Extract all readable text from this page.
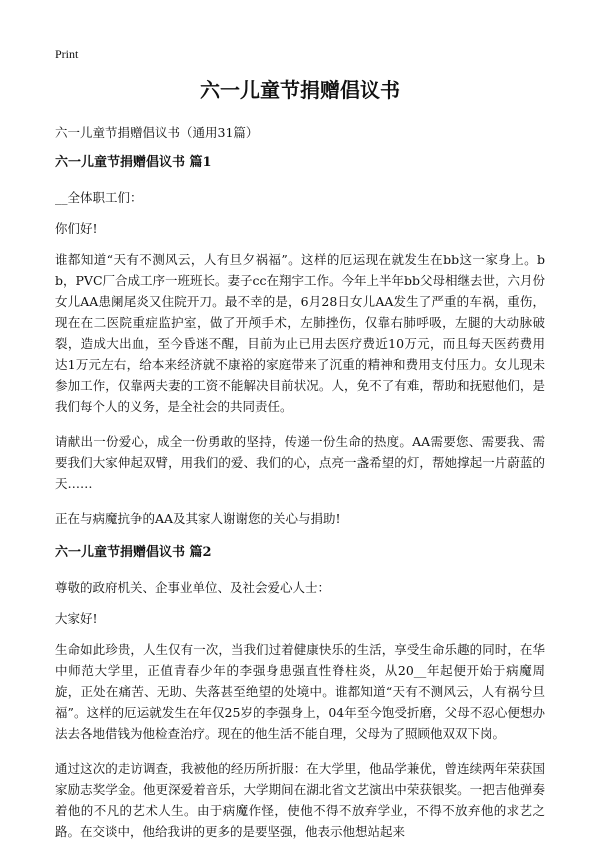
Print
六一儿童节捐赠倡议书

六一儿童节捐赠倡议书（通用31篇）

六一儿童节捐赠倡议书 篇1

__全体职工们：

你们好!

谁都知道“天有不测风云，人有旦夕祸福”。这样的厄运现在就发生在bb这一家身上。bb，PVC厂合成工序一班班长。妻子cc在翔宇工作。今年上半年bb父母相继去世，六月份女儿AA患阑尾炎又住院开刀。最不幸的是，6月28日女儿AA发生了严重的车祸，重伤，现在在二医院重症监护室，做了开颅手术，左肺挫伤，仅靠右肺呼吸，左腿的大动脉破裂，造成大出血，至今昏迷不醒，目前为止已用去医疗费近10万元，而且每天医药费用达1万元左右，给本来经济就不康裕的家庭带来了沉重的精神和费用支付压力。女儿现未参加工作，仅靠两夫妻的工资不能解决目前状况。人，免不了有难，帮助和抚慰他们，是我们每个人的义务，是全社会的共同责任。

请献出一份爱心，成全一份勇敢的坚持，传递一份生命的热度。AA需要您、需要我、需要我们大家伸起双臂，用我们的爱、我们的心，点亮一盏希望的灯，帮她撑起一片蔚蓝的天……

正在与病魔抗争的AA及其家人谢谢您的关心与捐助!

六一儿童节捐赠倡议书 篇2

尊敬的政府机关、企事业单位、及社会爱心人士：

大家好!

生命如此珍贵，人生仅有一次，当我们过着健康快乐的生活，享受生命乐趣的同时，在华中师范大学里，正值青春少年的李强身患强直性脊柱炎，从20__年起便开始于病魔周旋，正处在痛苦、无助、失落甚至绝望的处境中。谁都知道“天有不测风云，人有祸兮旦福”。这样的厄运就发生在年仅25岁的李强身上，04年至今饱受折磨，父母不忍心便想办法去各地借钱为他检查治疗。现在的他生活不能自理，父母为了照顾他双双下岗。

通过这次的走访调查，我被他的经历所折服：在大学里，他品学兼优，曾连续两年荣获国家励志奖学金。他更深爱着音乐，大学期间在湖北省文艺演出中荣获银奖。一把吉他弹奏着他的不凡的艺术人生。由于病魔作怪，使他不得不放弃学业，不得不放弃他的求艺之路。在交谈中，他给我讲的更多的是要坚强，他表示他想站起来
